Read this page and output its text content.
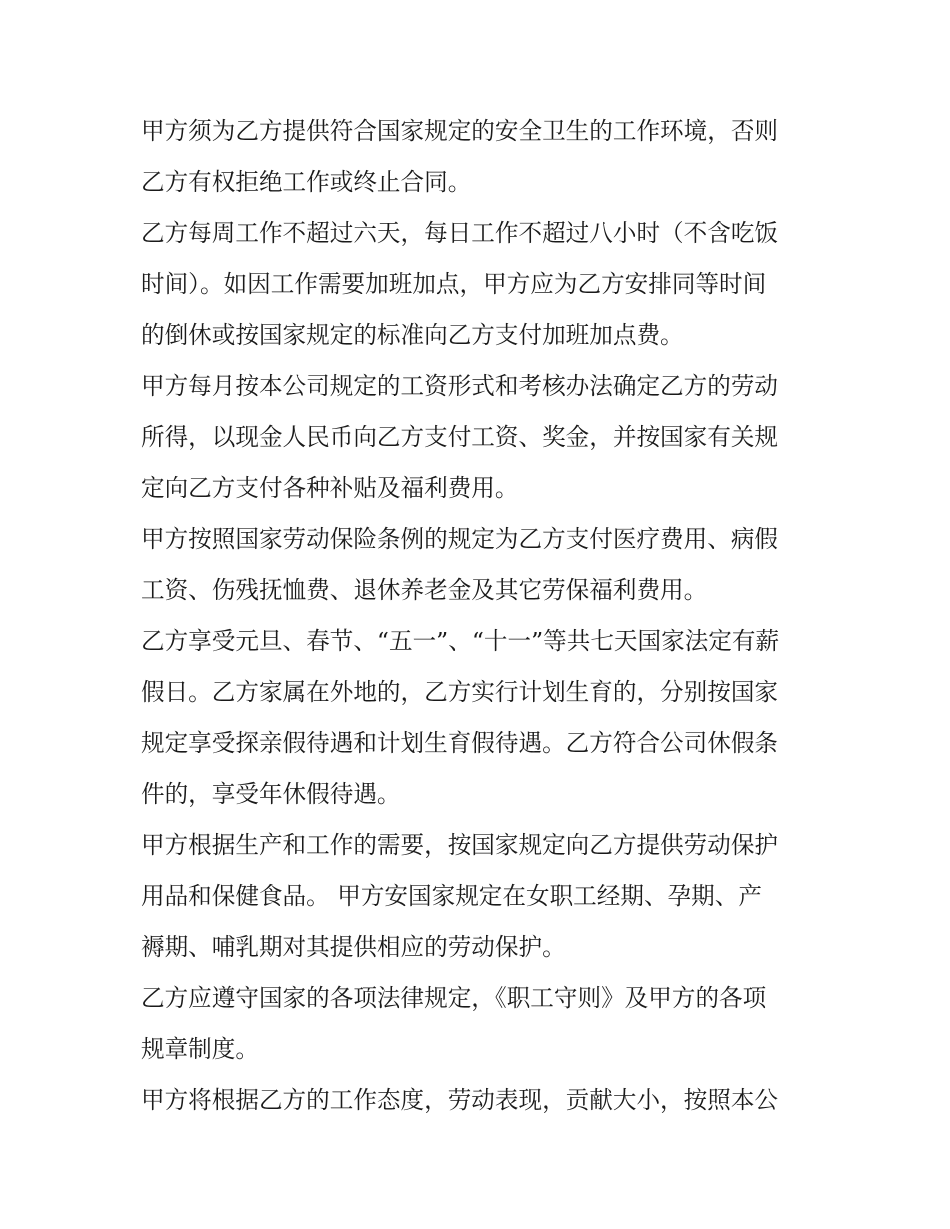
甲方须为乙方提供符合国家规定的安全卫生的工作环境，否则
乙方有权拒绝工作或终止合同。

乙方每周工作不超过六天，每日工作不超过八小时（不含吃饭
时间）。如因工作需要加班加点，甲方应为乙方安排同等时间
的倒休或按国家规定的标准向乙方支付加班加点费。

甲方每月按本公司规定的工资形式和考核办法确定乙方的劳动
所得，以现金人民币向乙方支付工资、奖金，并按国家有关规
定向乙方支付各种补贴及福利费用。

甲方按照国家劳动保险条例的规定为乙方支付医疗费用、病假
工资、伤残抚恤费、退休养老金及其它劳保福利费用。

乙方享受元旦、春节、“五一”、“十一”等共七天国家法定有薪
假日。乙方家属在外地的，乙方实行计划生育的，分别按国家
规定享受探亲假待遇和计划生育假待遇。乙方符合公司休假条
件的，享受年休假待遇。

甲方根据生产和工作的需要，按国家规定向乙方提供劳动保护
用品和保健食品。 甲方安国家规定在女职工经期、孕期、产
褥期、哺乳期对其提供相应的劳动保护。

乙方应遵守国家的各项法律规定，《职工守则》及甲方的各项
规章制度。

甲方将根据乙方的工作态度，劳动表现，贡献大小，按照本公
